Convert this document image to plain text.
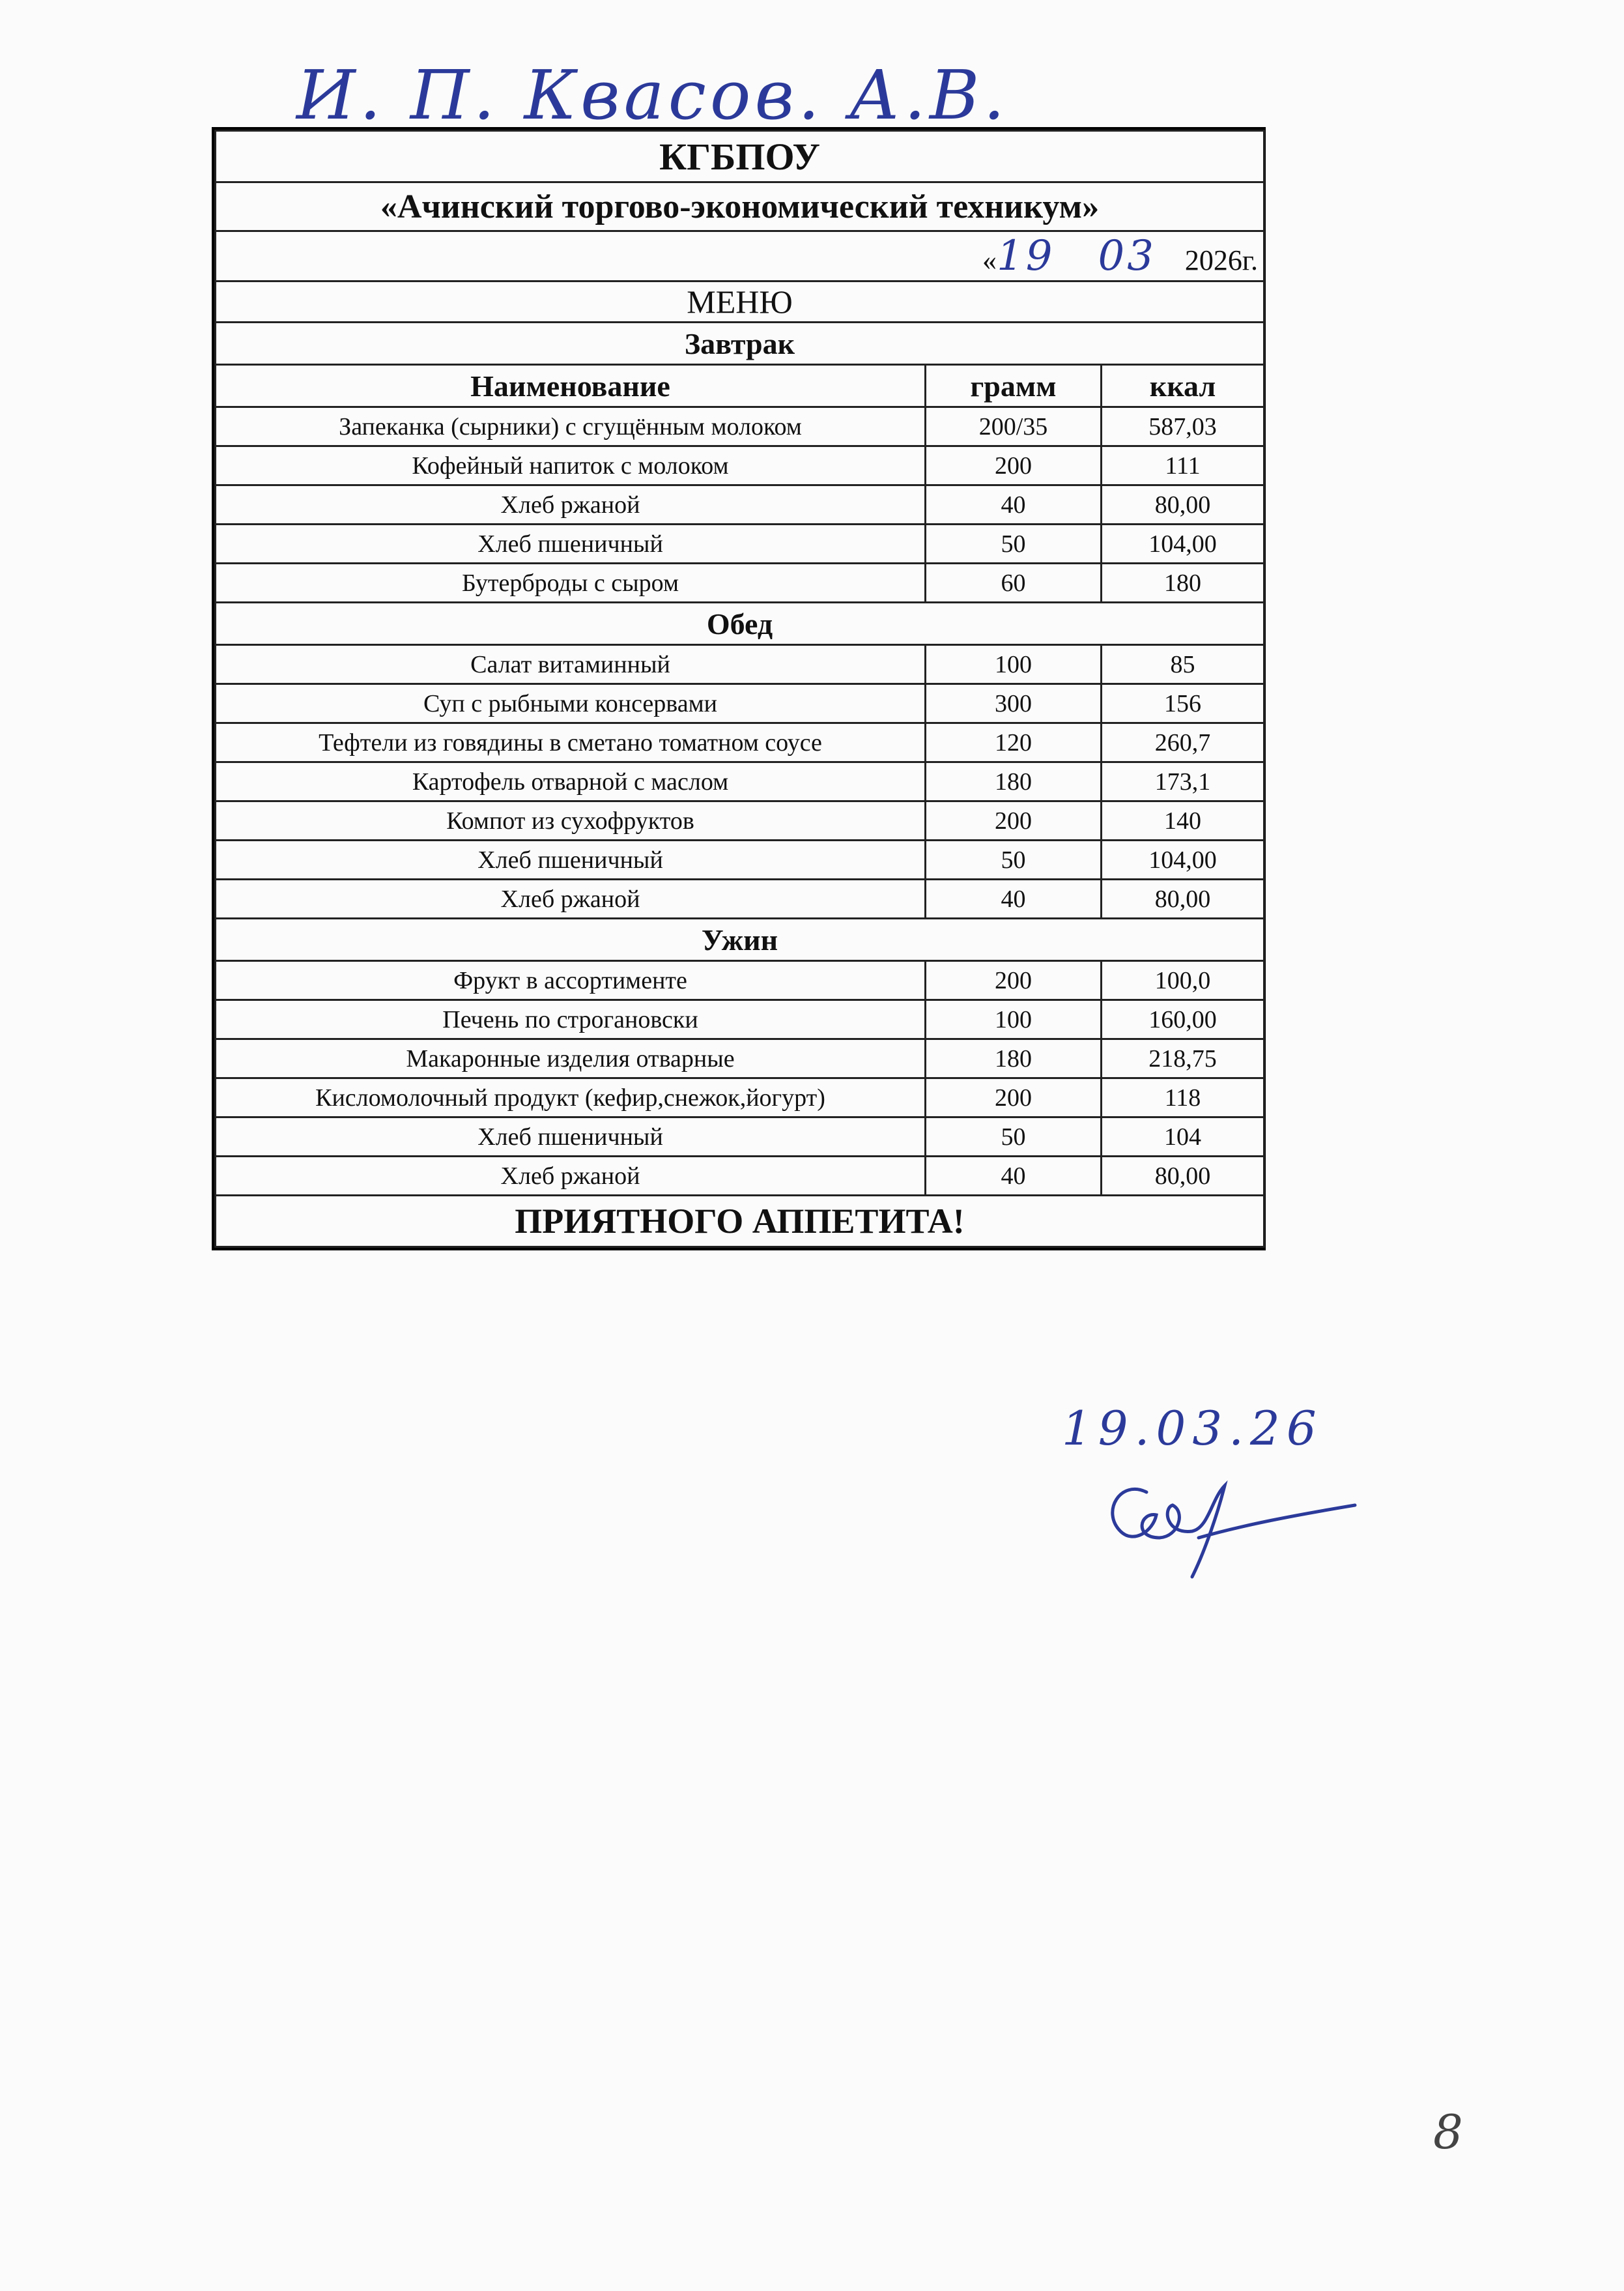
И. П. Квасов. А.В.
КГБПОУ		
«Ачинский торгово-экономический техникум»		
«19 03 2026г.		
МЕНЮ		
Завтрак		
Наименование	грамм	ккал
Запеканка (сырники) с сгущённым молоком	200/35	587,03
Кофейный напиток с молоком	200	111
Хлеб ржаной	40	80,00
Хлеб пшеничный	50	104,00
Бутерброды с сыром	60	180
Обед		
Салат витаминный	100	85
Суп с рыбными консервами	300	156
Тефтели из говядины в сметано томатном соусе	120	260,7
Картофель отварной с маслом	180	173,1
Компот из сухофруктов	200	140
Хлеб пшеничный	50	104,00
Хлеб ржаной	40	80,00
Ужин		
Фрукт в ассортименте	200	100,0
Печень по строгановски	100	160,00
Макаронные изделия отварные	180	218,75
Кисломолочный продукт (кефир,снежок,йогурт)	200	118
Хлеб пшеничный	50	104
Хлеб ржаной	40	80,00
ПРИЯТНОГО АППЕТИТА!		
19.03.26
8
